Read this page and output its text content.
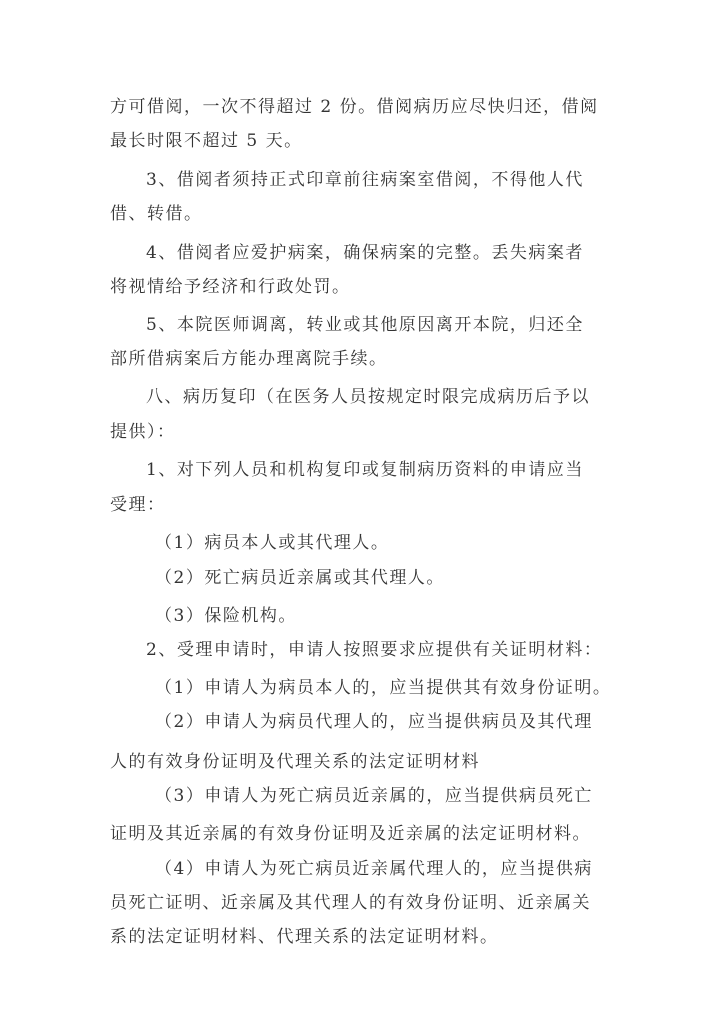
方可借阅，一次不得超过 2 份。借阅病历应尽快归还，借阅
最长时限不超过 5 天。
3、借阅者须持正式印章前往病案室借阅，不得他人代
借、转借。
4、借阅者应爱护病案，确保病案的完整。丢失病案者
将视情给予经济和行政处罚。
5、本院医师调离，转业或其他原因离开本院，归还全
部所借病案后方能办理离院手续。
八、病历复印（在医务人员按规定时限完成病历后予以
提供）：
1、对下列人员和机构复印或复制病历资料的申请应当
受理：
（1）病员本人或其代理人。
（2）死亡病员近亲属或其代理人。
（3）保险机构。
2、受理申请时，申请人按照要求应提供有关证明材料：
（1）申请人为病员本人的，应当提供其有效身份证明。
（2）申请人为病员代理人的，应当提供病员及其代理
人的有效身份证明及代理关系的法定证明材料
（3）申请人为死亡病员近亲属的，应当提供病员死亡
证明及其近亲属的有效身份证明及近亲属的法定证明材料。
（4）申请人为死亡病员近亲属代理人的，应当提供病
员死亡证明、近亲属及其代理人的有效身份证明、近亲属关
系的法定证明材料、代理关系的法定证明材料。
